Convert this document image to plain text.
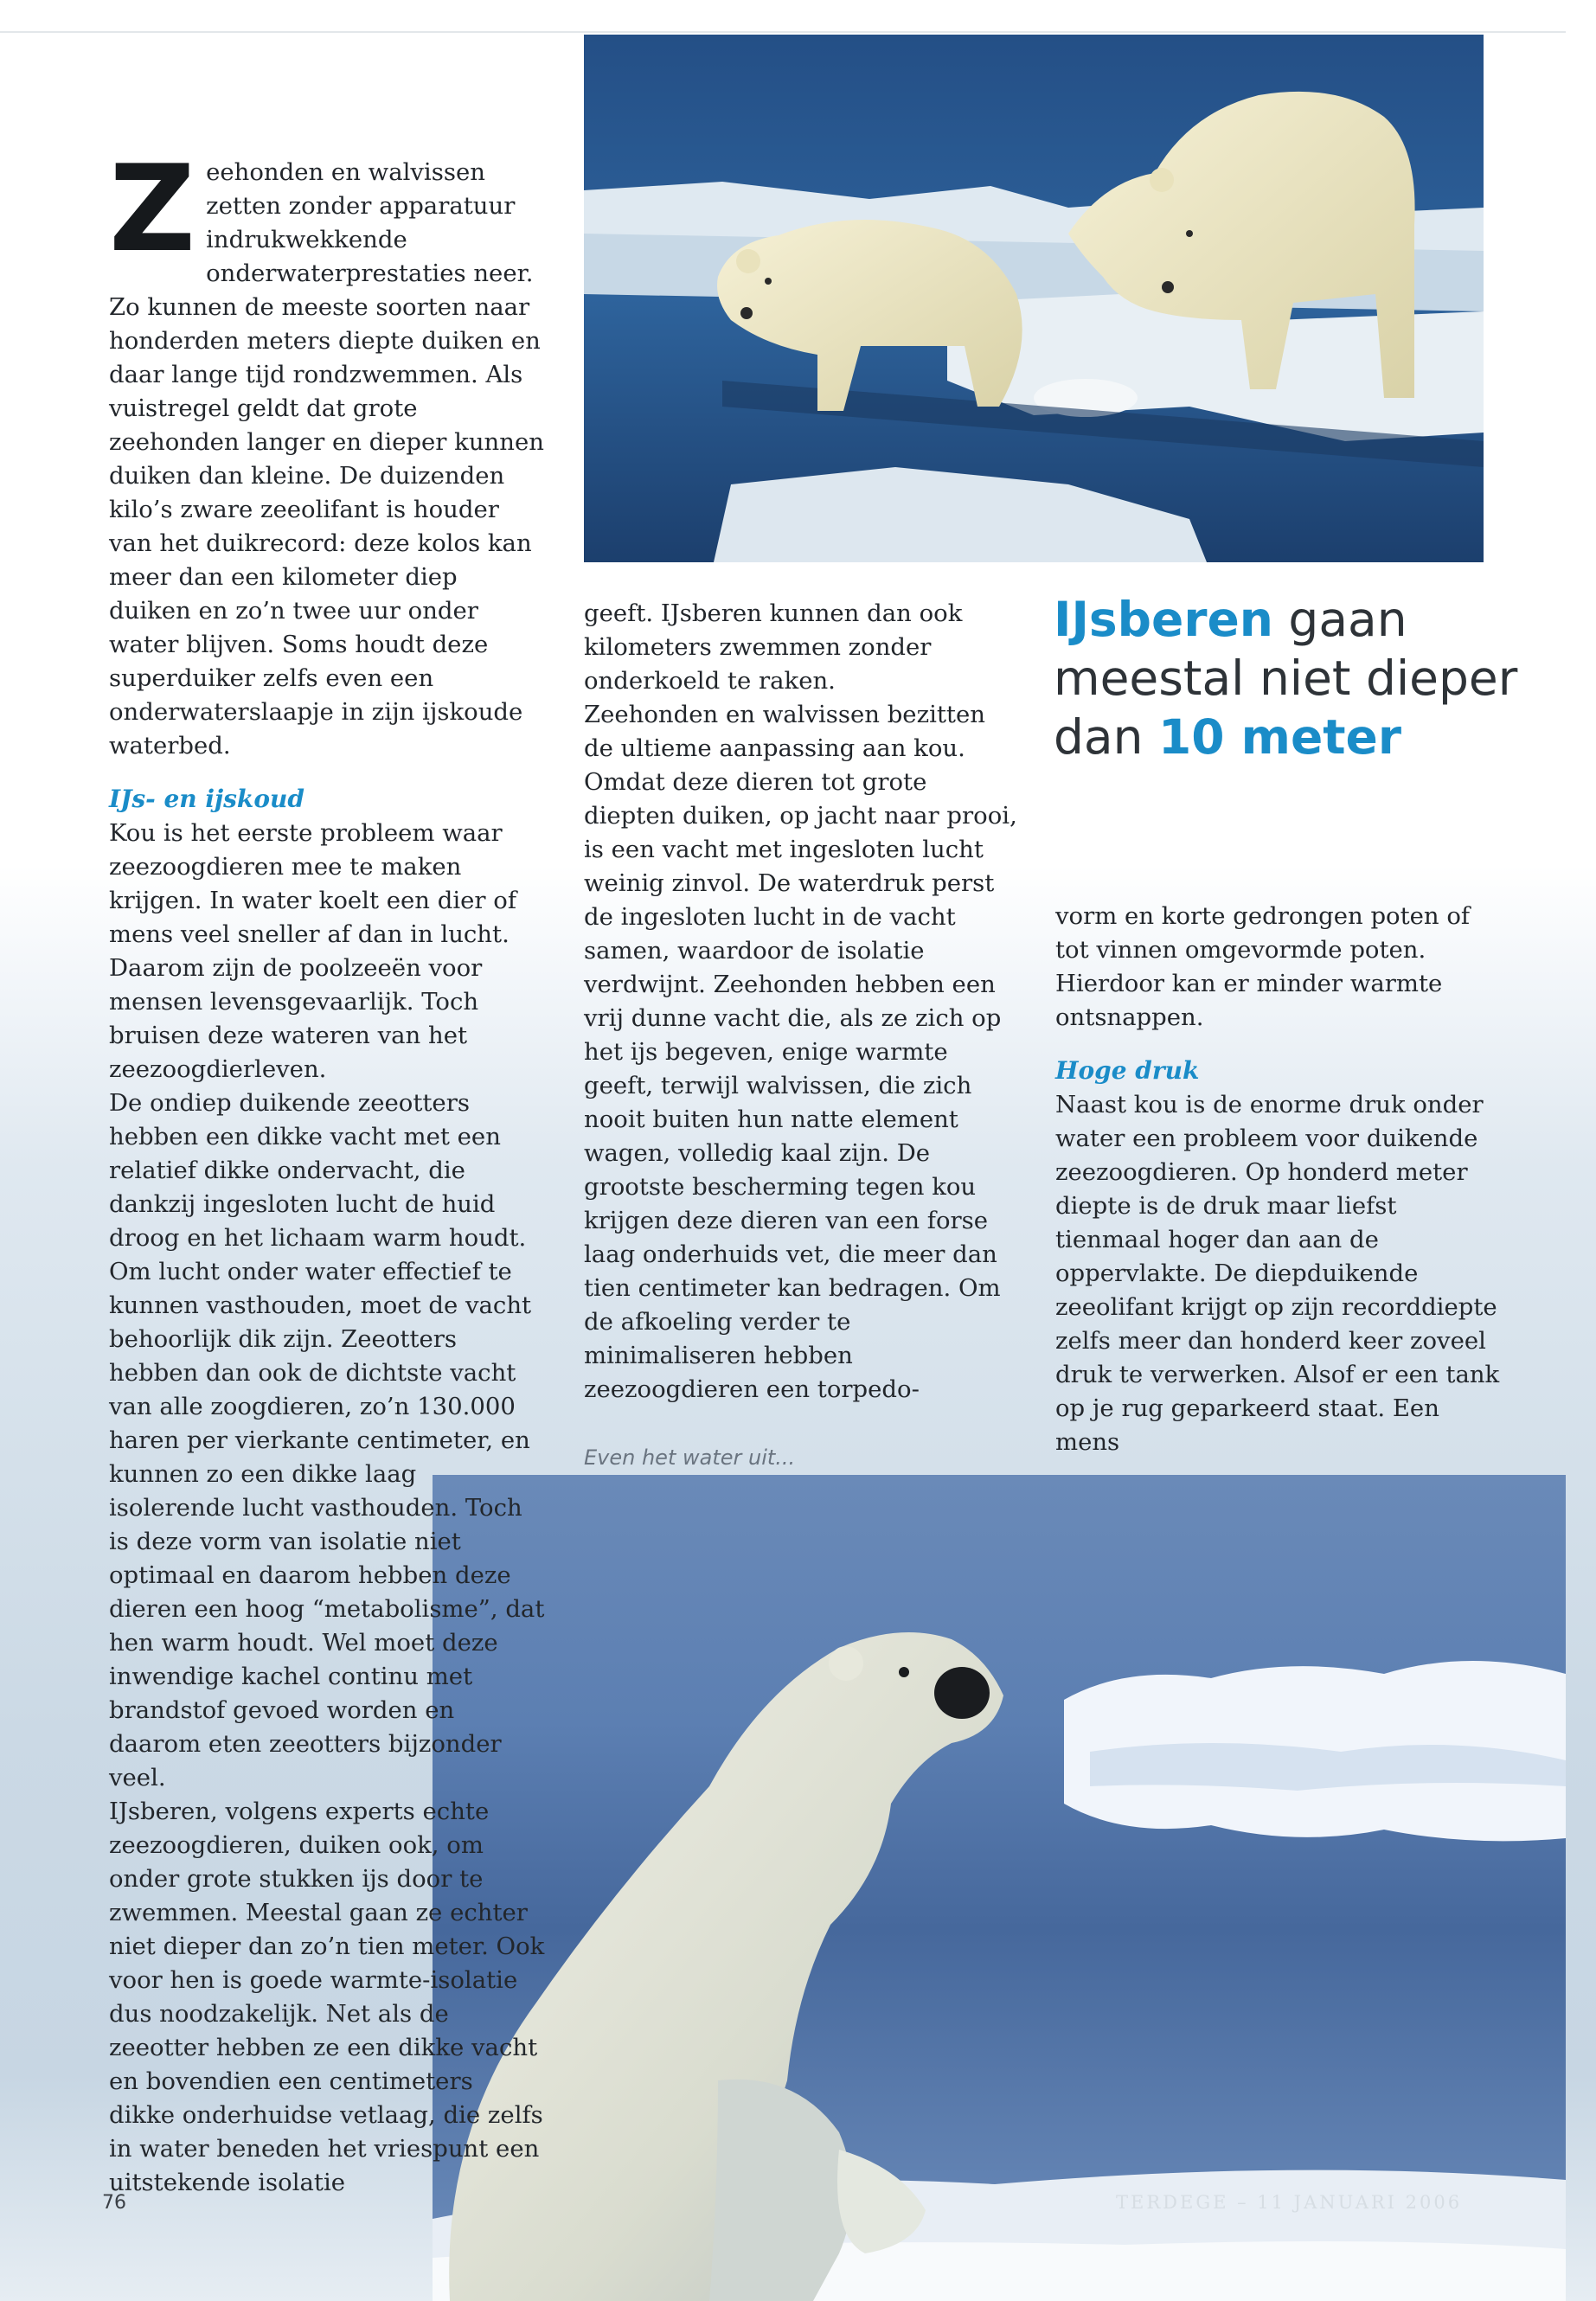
Zeehonden en walvissen zetten zonder apparatuur indrukwekkende onderwaterprestaties neer. Zo kunnen de meeste soorten naar honderden meters diepte duiken en daar lange tijd rondzwemmen. Als vuistregel geldt dat grote zeehonden langer en dieper kunnen duiken dan kleine. De duizenden kilo’s zware zeeolifant is houder van het duikrecord: deze kolos kan meer dan een kilometer diep duiken en zo’n twee uur onder water blijven. Soms houdt deze superduiker zelfs even een onderwaterslaapje in zijn ijskoude waterbed.

IJs- en ijskoud

Kou is het eerste probleem waar zeezoogdieren mee te maken krijgen. In water koelt een dier of mens veel sneller af dan in lucht. Daarom zijn de poolzeeën voor mensen levensgevaarlijk. Toch bruisen deze wateren van het zeezoogdierleven.

De ondiep duikende zeeotters hebben een dikke vacht met een relatief dikke ondervacht, die dankzij ingesloten lucht de huid droog en het lichaam warm houdt. Om lucht onder water effectief te kunnen vasthouden, moet de vacht behoorlijk dik zijn. Zeeotters hebben dan ook de dichtste vacht van alle zoogdieren, zo’n 130.000 haren per vierkante centimeter, en kunnen zo een dikke laag isolerende lucht vasthouden. Toch is deze vorm van isolatie niet optimaal en daarom hebben deze dieren een hoog “metabolisme”, dat hen warm houdt. Wel moet deze inwendige kachel continu met brandstof gevoed worden en daarom eten zeeotters bijzonder veel.

IJsberen, volgens experts echte zeezoogdieren, duiken ook, om onder grote stukken ijs door te zwemmen. Meestal gaan ze echter niet dieper dan zo’n tien meter. Ook voor hen is goede warmte-isolatie dus noodzakelijk. Net als de zeeotter hebben ze een dikke vacht en bovendien een centimeters dikke onderhuidse vetlaag, die zelfs in water beneden het vriespunt een uitstekende isolatie

geeft. IJsberen kunnen dan ook kilometers zwemmen zonder onderkoeld te raken.

Zeehonden en walvissen bezitten de ultieme aanpassing aan kou. Omdat deze dieren tot grote diepten duiken, op jacht naar prooi, is een vacht met ingesloten lucht weinig zinvol. De waterdruk perst de ingesloten lucht in de vacht samen, waardoor de isolatie verdwijnt. Zeehonden hebben een vrij dunne vacht die, als ze zich op het ijs begeven, enige warmte geeft, terwijl walvissen, die zich nooit buiten hun natte element wagen, volledig kaal zijn. De grootste bescherming tegen kou krijgen deze dieren van een forse laag onderhuids vet, die meer dan tien centimeter kan bedragen. Om de afkoeling verder te minimaliseren hebben zeezoogdieren een torpedo-

Even het water uit...

IJsberen gaan meestal niet dieper dan 10 meter

vorm en korte gedrongen poten of tot vinnen omgevormde poten. Hierdoor kan er minder warmte ontsnappen.

Hoge druk

Naast kou is de enorme druk onder water een probleem voor duikende zeezoogdieren. Op honderd meter diepte is de druk maar liefst tienmaal hoger dan aan de oppervlakte. De diepduikende zeeolifant krijgt op zijn recorddiepte zelfs meer dan honderd keer zoveel druk te verwerken. Alsof er een tank op je rug geparkeerd staat. Een mens

76	TERDEGE – 11 JANUARI 2006
